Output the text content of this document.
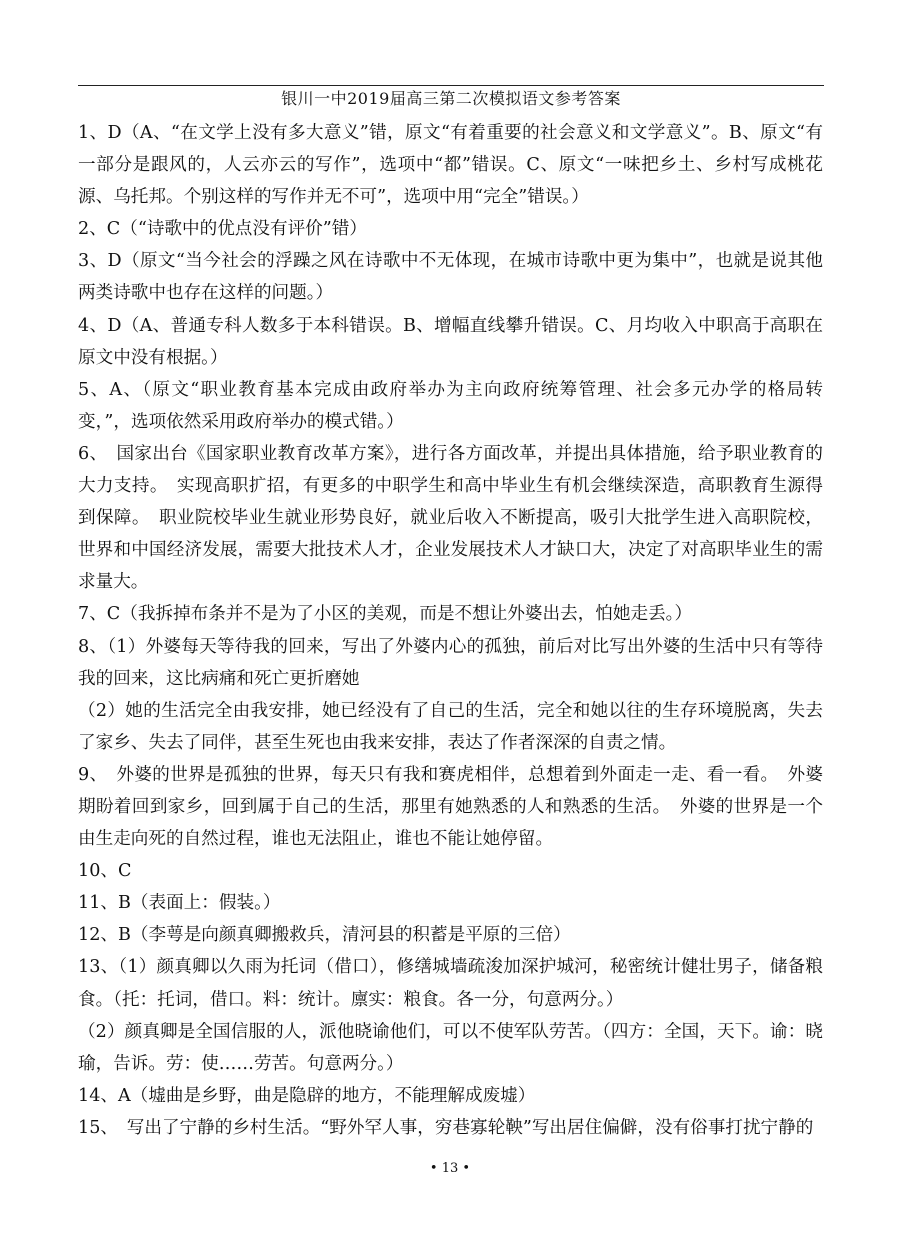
银川一中2019届高三第二次模拟语文参考答案

1、D（A、“在文学上没有多大意义”错，原文“有着重要的社会意义和文学意义”。B、原文“有一部分是跟风的，人云亦云的写作”，选项中“都”错误。C、原文“一味把乡土、乡村写成桃花源、乌托邦。个别这样的写作并无不可”，选项中用“完全”错误。）

2、C（“诗歌中的优点没有评价”错）

3、D（原文“当今社会的浮躁之风在诗歌中不无体现，在城市诗歌中更为集中”，也就是说其他两类诗歌中也存在这样的问题。）

4、D（A、普通专科人数多于本科错误。B、增幅直线攀升错误。C、月均收入中职高于高职在原文中没有根据。）

5、A、（原文“职业教育基本完成由政府举办为主向政府统筹管理、社会多元办学的格局转变，”，选项依然采用政府举办的模式错。）

6、　国家出台《国家职业教育改革方案》，进行各方面改革，并提出具体措施，给予职业教育的大力支持。　实现高职扩招，有更多的中职学生和高中毕业生有机会继续深造，高职教育生源得到保障。　职业院校毕业生就业形势良好，就业后收入不断提高，吸引大批学生进入高职院校，世界和中国经济发展，需要大批技术人才，企业发展技术人才缺口大，决定了对高职毕业生的需求量大。

7、C（我拆掉布条并不是为了小区的美观，而是不想让外婆出去，怕她走丢。）

8、（1）外婆每天等待我的回来，写出了外婆内心的孤独，前后对比写出外婆的生活中只有等待我的回来，这比病痛和死亡更折磨她

（2）她的生活完全由我安排，她已经没有了自己的生活，完全和她以往的生存环境脱离，失去了家乡、失去了同伴，甚至生死也由我来安排，表达了作者深深的自责之情。

9、　外婆的世界是孤独的世界，每天只有我和赛虎相伴，总想着到外面走一走、看一看。　外婆期盼着回到家乡，回到属于自己的生活，那里有她熟悉的人和熟悉的生活。　外婆的世界是一个由生走向死的自然过程，谁也无法阻止，谁也不能让她停留。

10、C

11、B（表面上：假装。）

12、B（李萼是向颜真卿搬救兵，清河县的积蓄是平原的三倍）

13、（1）颜真卿以久雨为托词（借口），修缮城墙疏浚加深护城河，秘密统计健壮男子，储备粮食。（托：托词，借口。料：统计。廪实：粮食。各一分，句意两分。）

（2）颜真卿是全国信服的人，派他晓谕他们，可以不使军队劳苦。（四方：全国，天下。谕：晓瑜，告诉。劳：使……劳苦。句意两分。）

14、A（墟曲是乡野，曲是隐辟的地方，不能理解成废墟）

15、　写出了宁静的乡村生活。“野外罕人事，穷巷寡轮鞅”写出居住偏僻，没有俗事打扰宁静的

• 13 •
